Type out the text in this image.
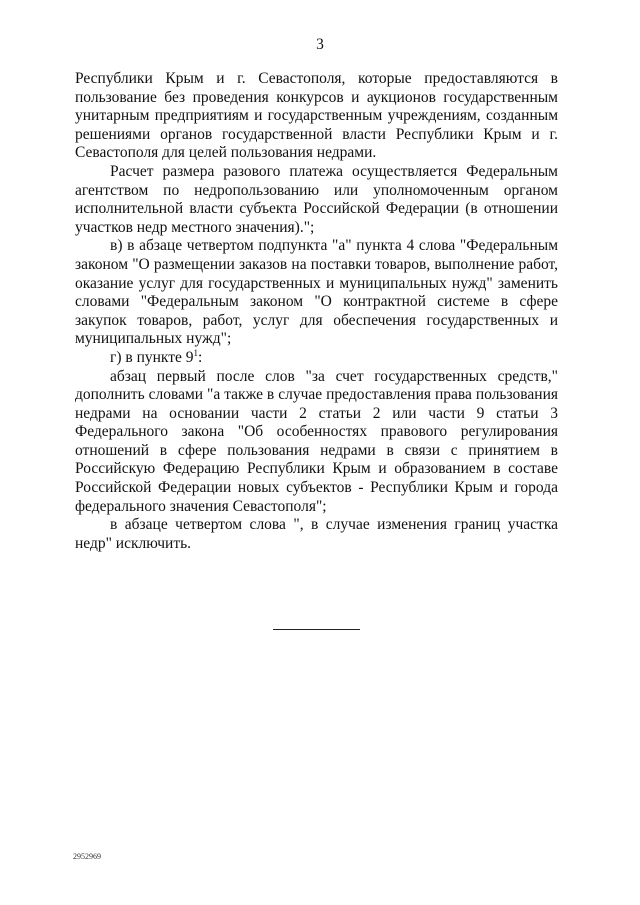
3

Республики Крым и г. Севастополя, которые предоставляются в пользование без проведения конкурсов и аукционов государственным унитарным предприятиям и государственным учреждениям, созданным решениями органов государственной власти Республики Крым и г. Севастополя для целей пользования недрами.

Расчет размера разового платежа осуществляется Федеральным агентством по недропользованию или уполномоченным органом исполнительной власти субъекта Российской Федерации (в отношении участков недр местного значения).";

в) в абзаце четвертом подпункта "а" пункта 4 слова "Федеральным законом "О размещении заказов на поставки товаров, выполнение работ, оказание услуг для государственных и муниципальных нужд" заменить словами "Федеральным законом "О контрактной системе в сфере закупок товаров, работ, услуг для обеспечения государственных и муниципальных нужд";

г) в пункте $9^1$:

абзац первый после слов "за счет государственных средств," дополнить словами "а также в случае предоставления права пользования недрами на основании части 2 статьи 2 или части 9 статьи 3 Федерального закона "Об особенностях правового регулирования отношений в сфере пользования недрами в связи с принятием в Российскую Федерацию Республики Крым и образованием в составе Российской Федерации новых субъектов - Республики Крым и города федерального значения Севастополя";

в абзаце четвертом слова ", в случае изменения границ участка недр" исключить.

2952969
